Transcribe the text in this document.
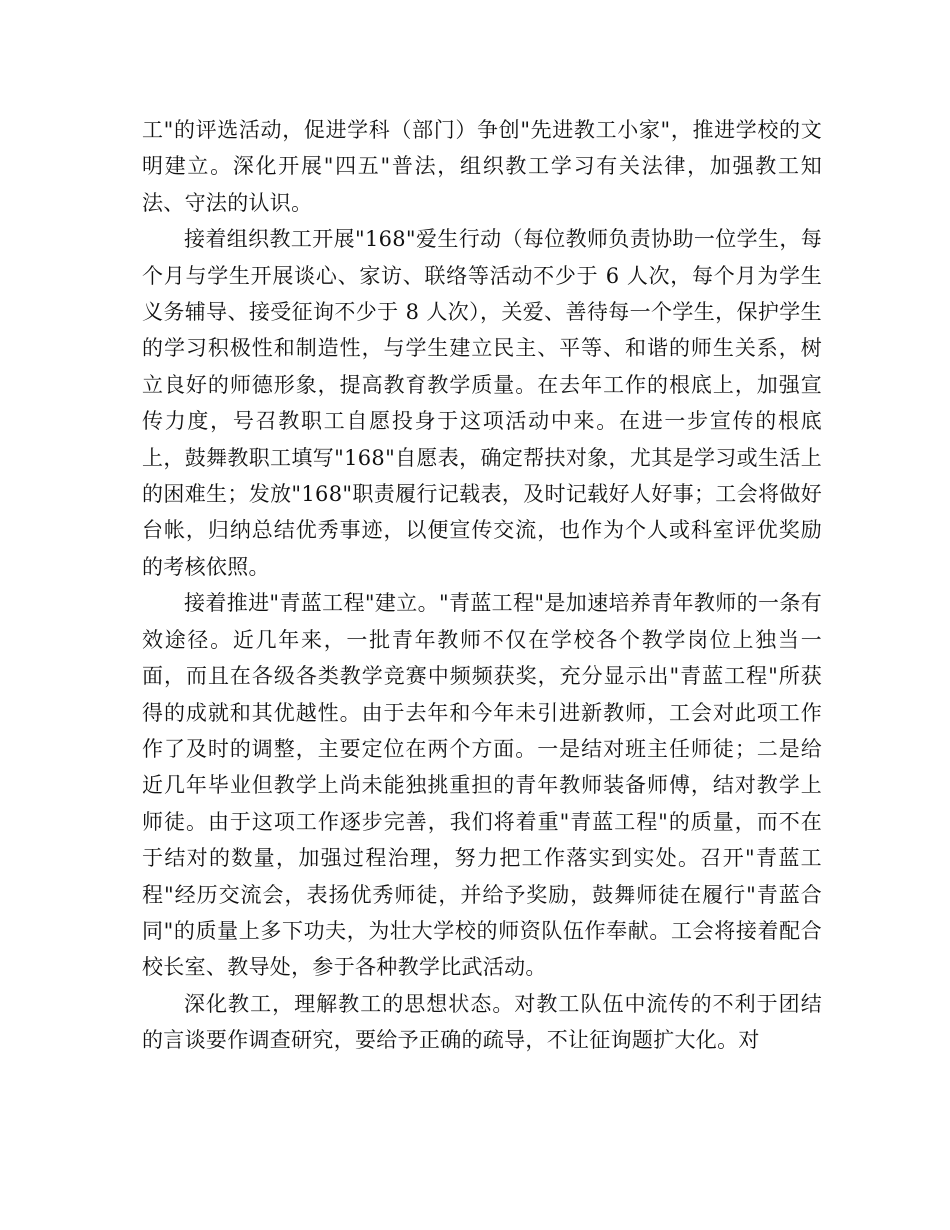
工"的评选活动，促进学科（部门）争创"先进教工小家"，推进学校的文明建立。深化开展"四五"普法，组织教工学习有关法律，加强教工知法、守法的认识。

接着组织教工开展"168"爱生行动（每位教师负责协助一位学生，每个月与学生开展谈心、家访、联络等活动不少于 6 人次，每个月为学生义务辅导、接受征询不少于 8 人次），关爱、善待每一个学生，保护学生的学习积极性和制造性，与学生建立民主、平等、和谐的师生关系，树立良好的师德形象，提高教育教学质量。在去年工作的根底上，加强宣传力度，号召教职工自愿投身于这项活动中来。在进一步宣传的根底上，鼓舞教职工填写"168"自愿表，确定帮扶对象，尤其是学习或生活上的困难生；发放"168"职责履行记载表，及时记载好人好事；工会将做好台帐，归纳总结优秀事迹，以便宣传交流，也作为个人或科室评优奖励的考核依照。

接着推进"青蓝工程"建立。"青蓝工程"是加速培养青年教师的一条有效途径。近几年来，一批青年教师不仅在学校各个教学岗位上独当一面，而且在各级各类教学竞赛中频频获奖，充分显示出"青蓝工程"所获得的成就和其优越性。由于去年和今年未引进新教师，工会对此项工作作了及时的调整，主要定位在两个方面。一是结对班主任师徒；二是给近几年毕业但教学上尚未能独挑重担的青年教师装备师傅，结对教学上师徒。由于这项工作逐步完善，我们将着重"青蓝工程"的质量，而不在于结对的数量，加强过程治理，努力把工作落实到实处。召开"青蓝工程"经历交流会，表扬优秀师徒，并给予奖励，鼓舞师徒在履行"青蓝合同"的质量上多下功夫，为壮大学校的师资队伍作奉献。工会将接着配合校长室、教导处，参于各种教学比武活动。

深化教工，理解教工的思想状态。对教工队伍中流传的不利于团结的言谈要作调查研究，要给予正确的疏导，不让征询题扩大化。对
